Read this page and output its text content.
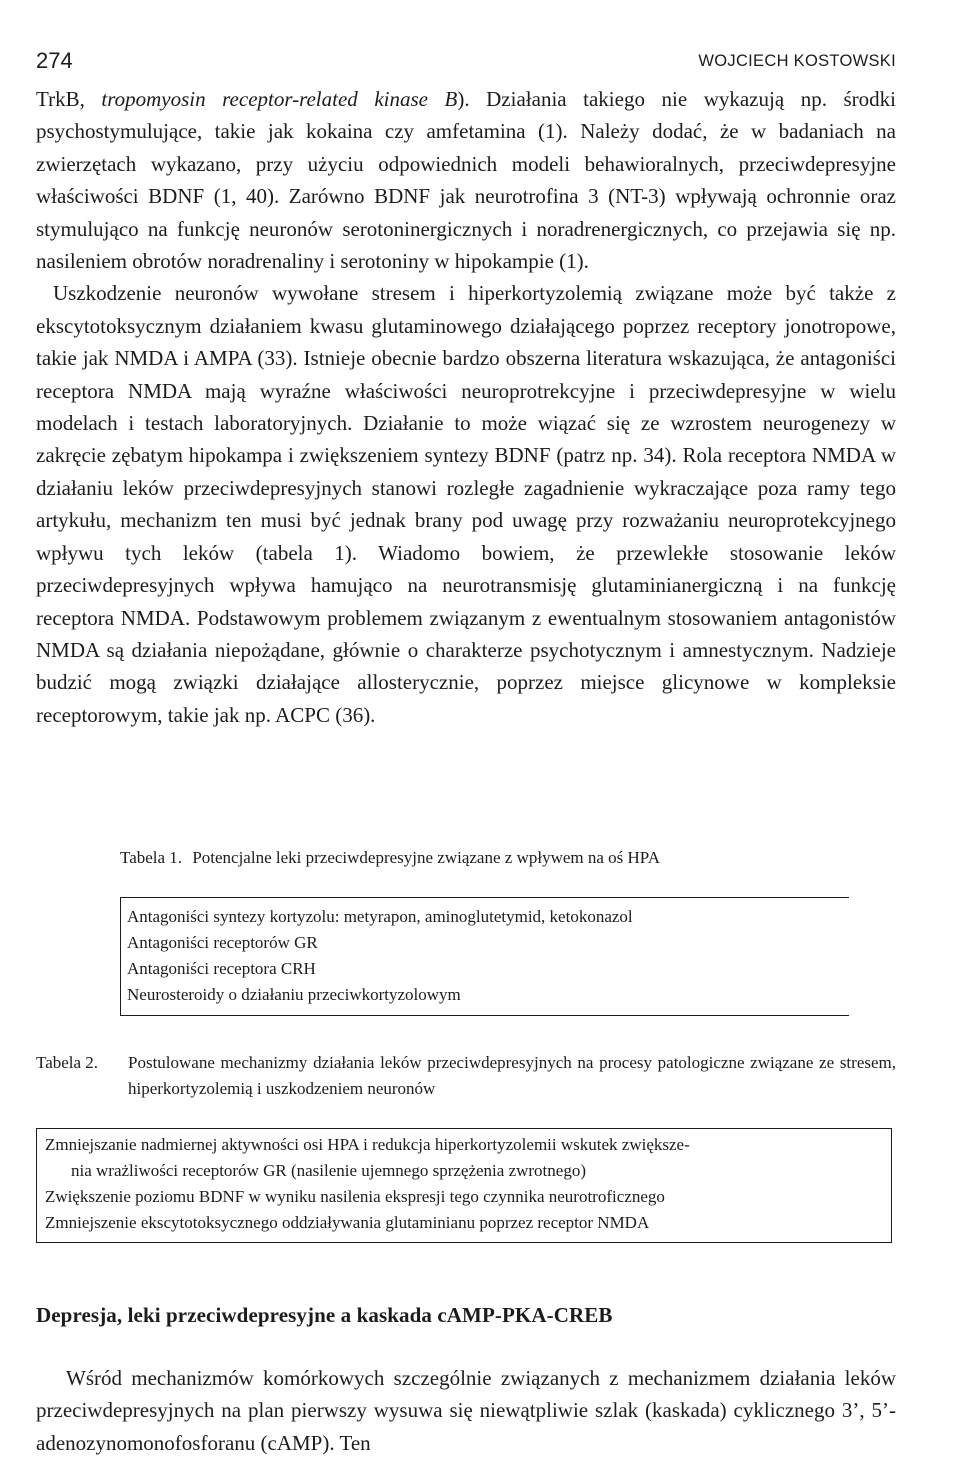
274	WOJCIECH KOSTOWSKI

TrkB, tropomyosin receptor-related kinase B). Działania takiego nie wykazują np. środki psychostymulujące, takie jak kokaina czy amfetamina (1). Należy dodać, że w badaniach na zwierzętach wykazano, przy użyciu odpowiednich modeli behawioralnych, przeciwdepresyjne właściwości BDNF (1, 40). Zarówno BDNF jak neurotrofina 3 (NT-3) wpływają ochronnie oraz stymulująco na funkcję neuronów serotoninergicznych i noradrenergicznych, co przejawia się np. nasileniem obrotów noradrenaliny i serotoniny w hipokampie (1).

Uszkodzenie neuronów wywołane stresem i hiperkortyzolemią związane może być także z ekscytotoksycznym działaniem kwasu glutaminowego działającego poprzez receptory jonotropowe, takie jak NMDA i AMPA (33). Istnieje obecnie bardzo obszerna literatura wskazująca, że antagoniści receptora NMDA mają wyraźne właściwości neuroprotrekcyjne i przeciwdepresyjne w wielu modelach i testach laboratoryjnych. Działanie to może wiązać się ze wzrostem neurogenezy w zakręcie zębatym hipokampa i zwiększeniem syntezy BDNF (patrz np. 34). Rola receptora NMDA w działaniu leków przeciwdepresyjnych stanowi rozległe zagadnienie wykraczające poza ramy tego artykułu, mechanizm ten musi być jednak brany pod uwagę przy rozważaniu neuroprotekcyjnego wpływu tych leków (tabela 1). Wiadomo bowiem, że przewlekłe stosowanie leków przeciwdepresyjnych wpływa hamująco na neurotransmisję glutaminianergiczną i na funkcję receptora NMDA. Podstawowym problemem związanym z ewentualnym stosowaniem antagonistów NMDA są działania niepożądane, głównie o charakterze psychotycznym i amnestycznym. Nadzieje budzić mogą związki działające allosterycznie, poprzez miejsce glicynowe w kompleksie receptorowym, takie jak np. ACPC (36).

Tabela 1. Potencjalne leki przeciwdepresyjne związane z wpływem na oś HPA
Antagoniści syntezy kortyzolu: metyrapon, aminoglutetymid, ketokonazol
Antagoniści receptorów GR
Antagoniści receptora CRH
Neurosteroidy o działaniu przeciwkortyzolowym
Tabela 2. Postulowane mechanizmy działania leków przeciwdepresyjnych na procesy patologiczne związane ze stresem, hiperkortyzolemią i uszkodzeniem neuronów
Zmniejszanie nadmiernej aktywności osi HPA i redukcja hiperkortyzolemii wskutek zwiększe-
nia wrażliwości receptorów GR (nasilenie ujemnego sprzężenia zwrotnego)
Zwiększenie poziomu BDNF w wyniku nasilenia ekspresji tego czynnika neurotroficznego
Zmniejszenie ekscytotoksycznego oddziaływania glutaminianu poprzez receptor NMDA
Depresja, leki przeciwdepresyjne a kaskada cAMP-PKA-CREB

Wśród mechanizmów komórkowych szczególnie związanych z mechanizmem działania leków przeciwdepresyjnych na plan pierwszy wysuwa się niewątpliwie szlak (kaskada) cyklicznego 3’, 5’-adenozynomonofosforanu (cAMP). Ten
